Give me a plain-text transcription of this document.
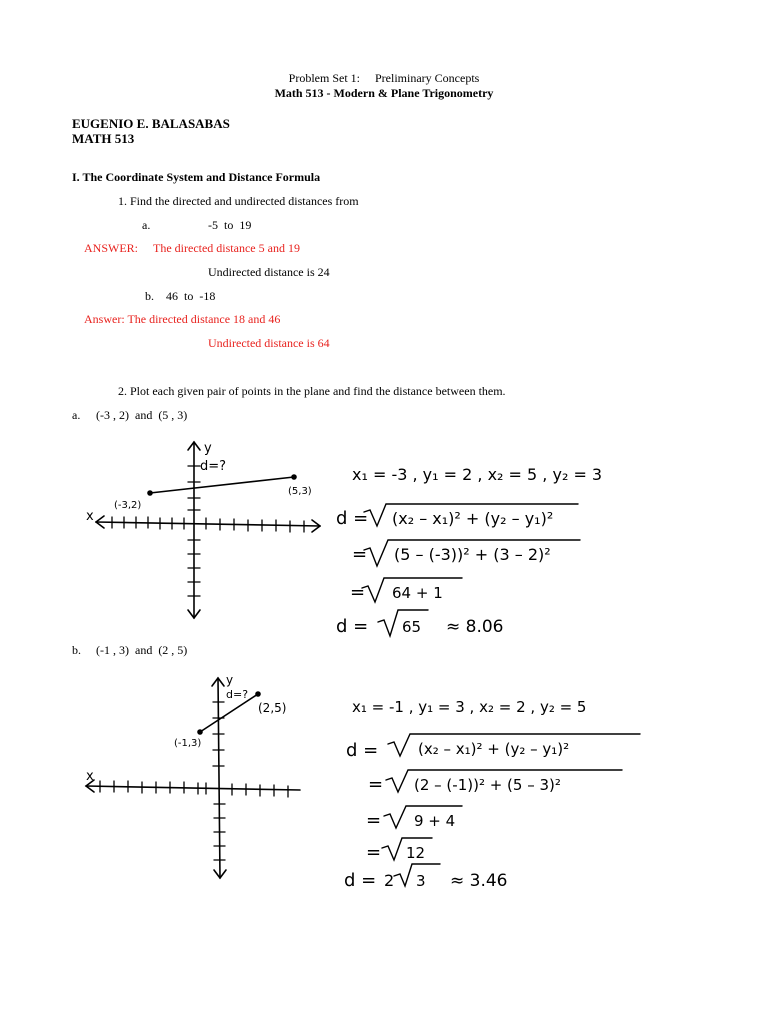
Problem Set 1:     Preliminary Concepts
Math 513 - Modern & Plane Trigonometry
EUGENIO E. BALASABAS
MATH 513
I. The Coordinate System and Distance Formula
1. Find the directed and undirected distances from
a.	-5  to  19
ANSWER: The directed distance 5 and 19
Undirected distance is 24
b. 46  to  -18
Answer: The directed distance 18 and 46
Undirected distance is 64
2. Plot each given pair of points in the plane and find the distance between them.
a. (-3 , 2)  and  (5 , 3)
b. (-1 , 3)  and  (2 , 5)
x
y
d=?
(-3,2)
(5,3)
x
y
d=?
(-1,3)
(2,5)
x₁ = -3 , y₁ = 2 , x₂ = 5 , y₂ = 3
d = (x₂ – x₁)² + (y₂ – y₁)²
= (5 – (-3))² + (3 – 2)²
= 64 + 1
d = 65 ≈ 8.06
x₁ = -1 , y₁ = 3 , x₂ = 2 , y₂ = 5
d =	(x₂ – x₁)² + (y₂ – y₁)²
= (2 – (-1))² + (5 – 3)²
= 9 + 4
= 12
d = 2 3 ≈ 3.46
